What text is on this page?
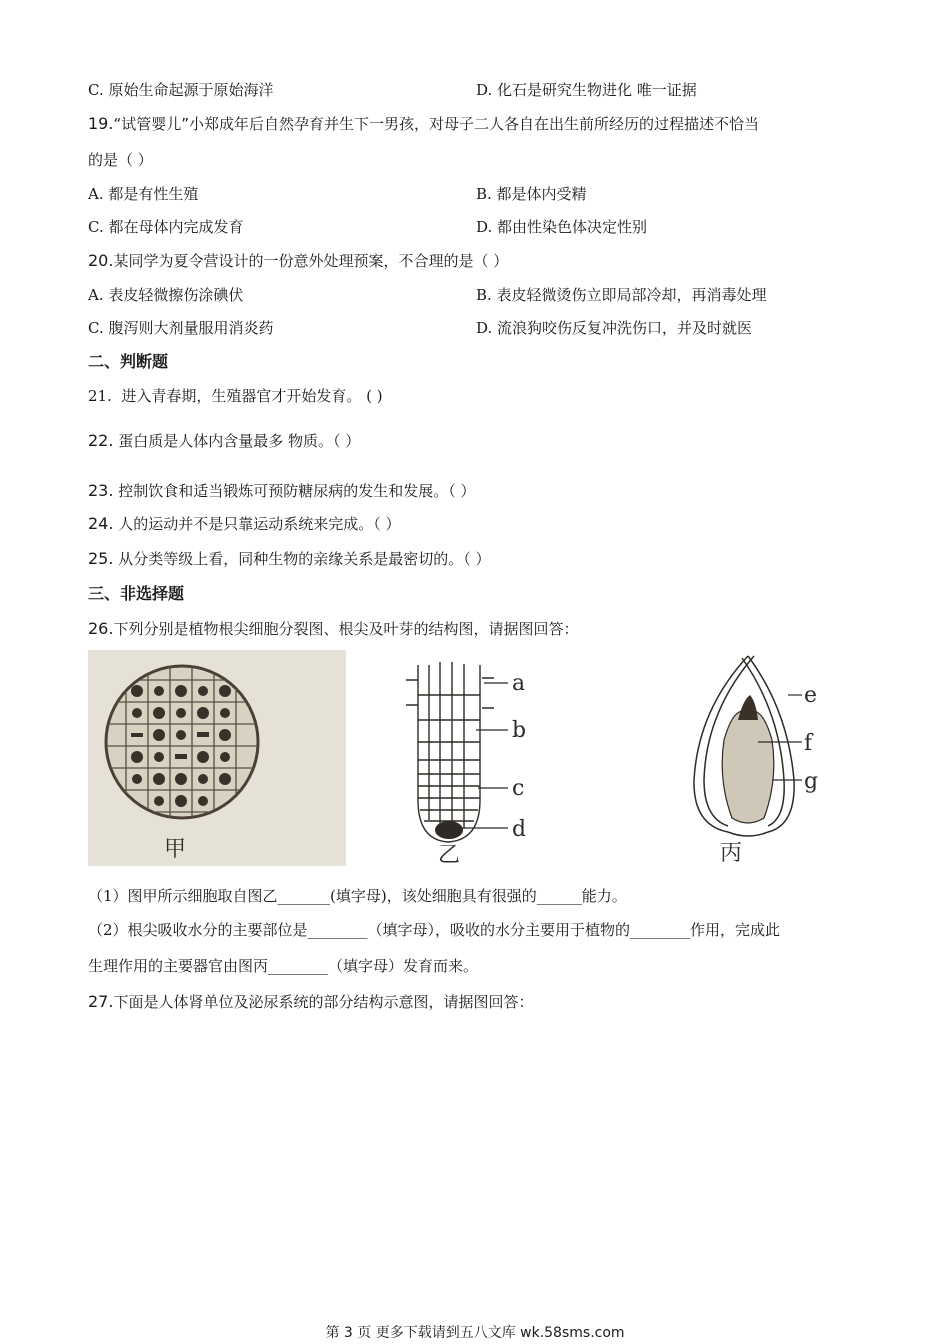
C. 原始生命起源于原始海洋	D. 化石是研究生物进化 唯一证据
19.“试管婴儿”小郑成年后自然孕育并生下一男孩，对母子二人各自在出生前所经历的过程描述不恰当
的是（ ）
A. 都是有性生殖	B. 都是体内受精
C. 都在母体内完成发育	D. 都由性染色体决定性别
20.某同学为夏令营设计的一份意外处理预案，不合理的是（ ）
A. 表皮轻微擦伤涂碘伏	B. 表皮轻微烫伤立即局部冷却，再消毒处理
C. 腹泻则大剂量服用消炎药	D. 流浪狗咬伤反复冲洗伤口，并及时就医
二、判断题
21. 进入青春期，生殖器官才开始发育。 ( )
22. 蛋白质是人体内含量最多 物质。（ ）
23. 控制饮食和适当锻炼可预防糖尿病的发生和发展。（ ）
24. 人的运动并不是只靠运动系统来完成。（ ）
25. 从分类等级上看，同种生物的亲缘关系是最密切的。（ ）
三、非选择题
26.下列分别是植物根尖细胞分裂图、根尖及叶芽的结构图，请据图回答：
甲
a
b
c
d
乙
e
f
g
丙
（1）图甲所示细胞取自图乙_______(填字母)，该处细胞具有很强的______能力。
（2）根尖吸收水分的主要部位是________（填字母），吸收的水分主要用于植物的________作用，完成此
生理作用的主要器官由图丙________（填字母）发育而来。
27.下面是人体肾单位及泌尿系统的部分结构示意图，请据图回答：
第 3 页 更多下载请到五八文库 wk.58sms.com
